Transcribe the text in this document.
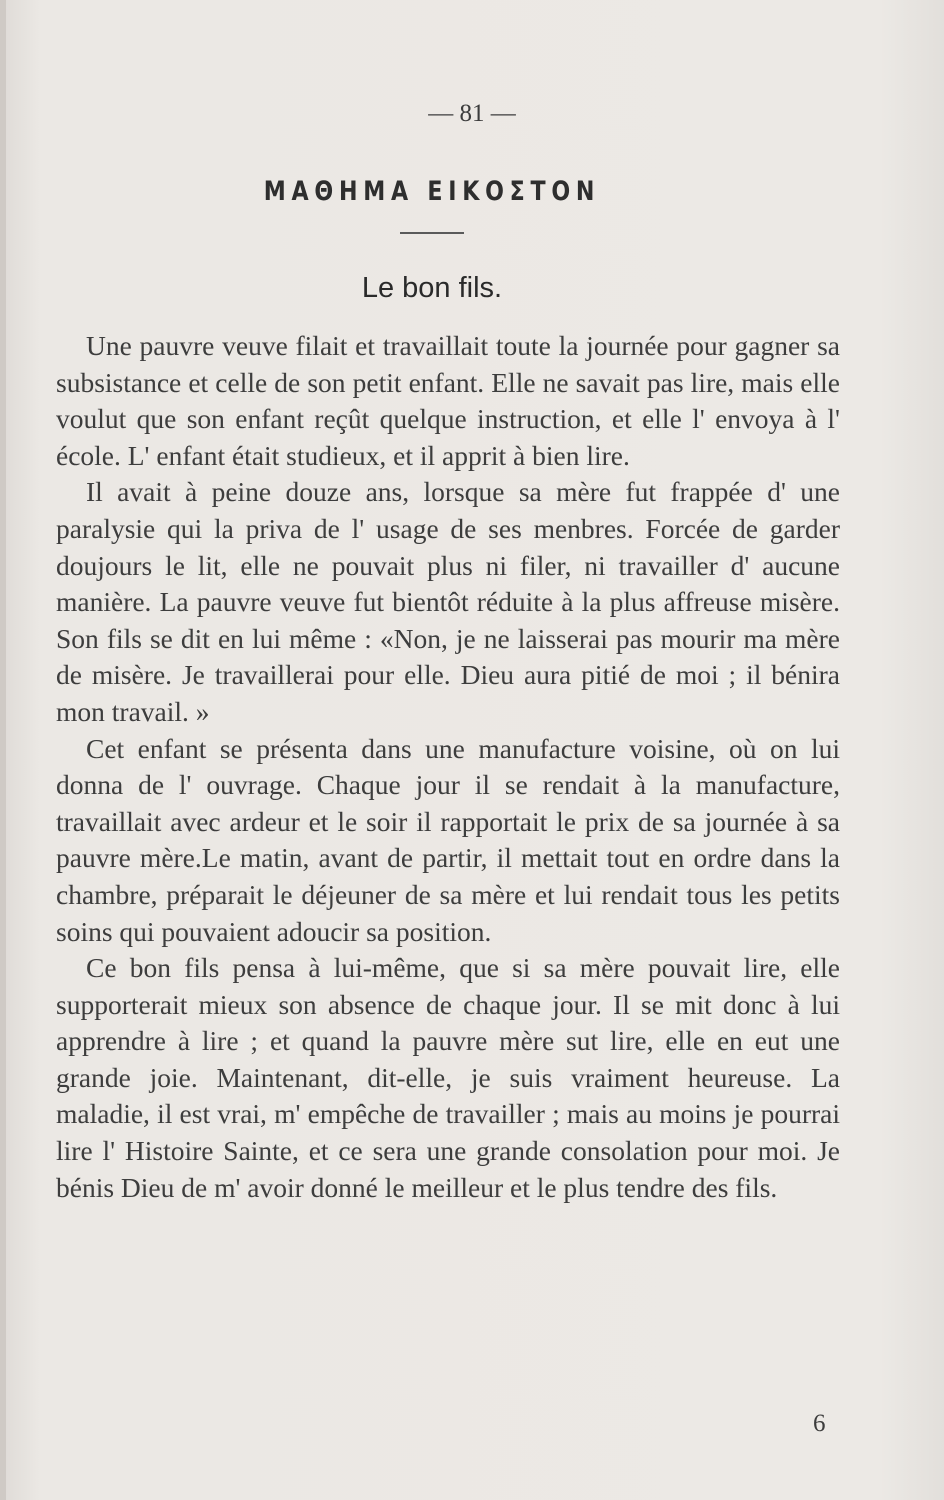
— 81 —
ΜΑΘΗΜΑ ΕΙΚΟΣΤΟΝ
Le bon fils.

Une pauvre veuve filait et travaillait toute la journée pour gagner sa subsistance et celle de son petit enfant. Elle ne savait pas lire, mais elle voulut que son enfant reçût quelque instruction, et elle l' envoya à l' école. L' enfant était studieux, et il apprit à bien lire.

Il avait à peine douze ans, lorsque sa mère fut frappée d' une paralysie qui la priva de l' usage de ses menbres. Forcée de garder doujours le lit, elle ne pouvait plus ni filer, ni travailler d' aucune manière. La pauvre veuve fut bientôt réduite à la plus affreuse misère. Son fils se dit en lui même : «Non, je ne laisserai pas mourir ma mère de misère. Je travaillerai pour elle. Dieu aura pitié de moi ; il bénira mon travail. »

Cet enfant se présenta dans une manufacture voisine, où on lui donna de l' ouvrage. Chaque jour il se rendait à la manufacture, travaillait avec ardeur et le soir il rapportait le prix de sa journée à sa pauvre mère.Le matin, avant de partir, il mettait tout en ordre dans la chambre, préparait le déjeuner de sa mère et lui rendait tous les petits soins qui pouvaient adoucir sa position.

Ce bon fils pensa à lui-même, que si sa mère pouvait lire, elle supporterait mieux son absence de chaque jour. Il se mit donc à lui apprendre à lire ; et quand la pauvre mère sut lire, elle en eut une grande joie. Maintenant, dit-elle, je suis vraiment heureuse. La maladie, il est vrai, m' empêche de travailler ; mais au moins je pourrai lire l' Histoire Sainte, et ce sera une grande consolation pour moi. Je bénis Dieu de m' avoir donné le meilleur et le plus tendre des fils.

6
